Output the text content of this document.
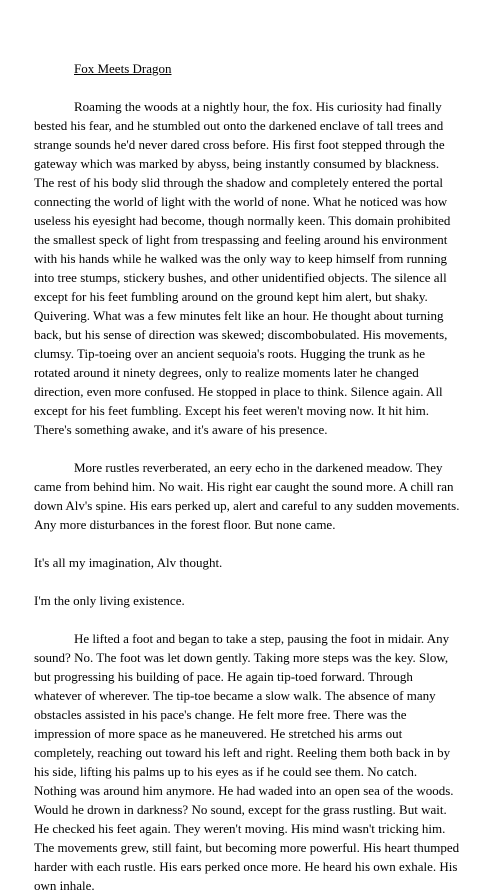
Fox Meets Dragon

Roaming the woods at a nightly hour, the fox. His curiosity had finally bested his fear, and he stumbled out onto the darkened enclave of tall trees and strange sounds he'd never dared cross before. His first foot stepped through the gateway which was marked by abyss, being instantly consumed by blackness. The rest of his body slid through the shadow and completely entered the portal connecting the world of light with the world of none. What he noticed was how useless his eyesight had become, though normally keen. This domain prohibited the smallest speck of light from trespassing and feeling around his environment with his hands while he walked was the only way to keep himself from running into tree stumps, stickery bushes, and other unidentified objects. The silence all except for his feet fumbling around on the ground kept him alert, but shaky. Quivering. What was a few minutes felt like an hour. He thought about turning back, but his sense of direction was skewed; discombobulated. His movements, clumsy. Tip-toeing over an ancient sequoia's roots. Hugging the trunk as he rotated around it ninety degrees, only to realize moments later he changed direction, even more confused. He stopped in place to think. Silence again. All except for his feet fumbling. Except his feet weren't moving now. It hit him. There's something awake, and it's aware of his presence.

More rustles reverberated, an eery echo in the darkened meadow. They came from behind him. No wait. His right ear caught the sound more. A chill ran down Alv's spine. His ears perked up, alert and careful to any sudden movements. Any more disturbances in the forest floor. But none came.

It's all my imagination, Alv thought.

I'm the only living existence.

He lifted a foot and began to take a step, pausing the foot in midair. Any sound? No. The foot was let down gently. Taking more steps was the key. Slow, but progressing his building of pace. He again tip-toed forward. Through whatever of wherever. The tip-toe became a slow walk. The absence of many obstacles assisted in his pace's change. He felt more free. There was the impression of more space as he maneuvered. He stretched his arms out completely, reaching out toward his left and right. Reeling them both back in by his side, lifting his palms up to his eyes as if he could see them. No catch. Nothing was around him anymore. He had waded into an open sea of the woods. Would he drown in darkness? No sound, except for the grass rustling. But wait. He checked his feet again. They weren't moving. His mind wasn't tricking him. The movements grew, still faint, but becoming more powerful. His heart thumped harder with each rustle. His ears perked once more. He heard his own exhale. His own inhale.
